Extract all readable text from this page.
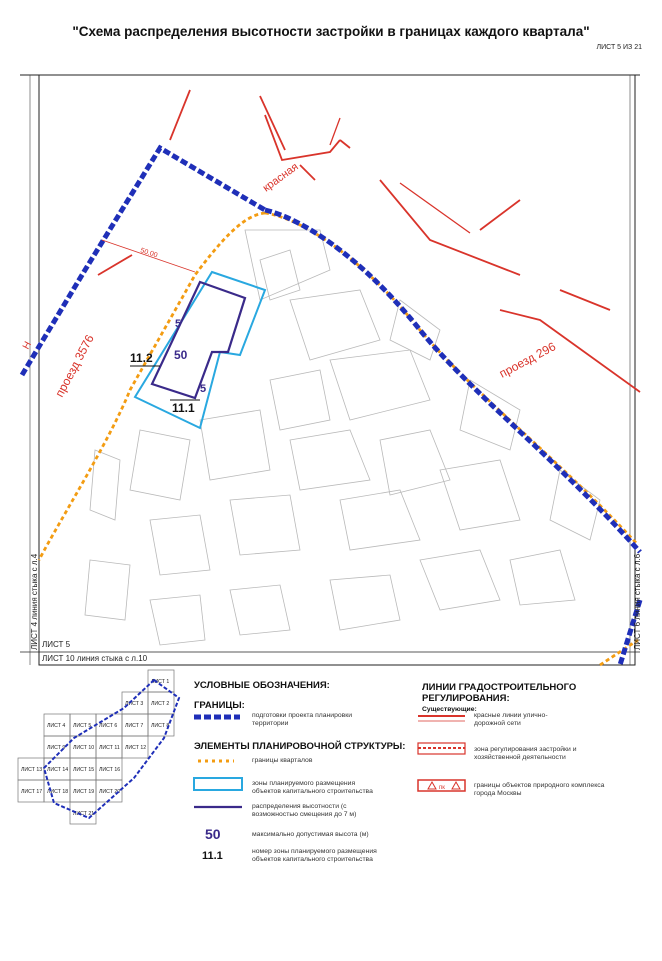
"Схема распределения высотности застройки в границах каждого квартала"
ЛИСТ 5 ИЗ 21
50.00
11.2 50
5
5
11.1
красная
проезд 3576	проезд 296
Н
ЛИСТ 5
ЛИСТ 10 линия стыка с л.10
ЛИСТ 4 линия стыка с л.4	ЛИСТ 6 линия стыка с л.6
ЛИСТ 1
ЛИСТ 2
ЛИСТ 3
ЛИСТ 4 ЛИСТ 5 ЛИСТ 6 ЛИСТ 7 ЛИСТ 8
ЛИСТ 9 ЛИСТ 10 ЛИСТ 11 ЛИСТ 12
ЛИСТ 13 ЛИСТ 14 ЛИСТ 15 ЛИСТ 16
ЛИСТ 17 ЛИСТ 18 ЛИСТ 19 ЛИСТ 20
ЛИСТ 21
пк
УСЛОВНЫЕ ОБОЗНАЧЕНИЯ:
ГРАНИЦЫ:
подготовки проекта планировки территории
ЭЛЕМЕНТЫ ПЛАНИРОВОЧНОЙ СТРУКТУРЫ:
границы кварталов
зоны планируемого размещения объектов капитального строительства
распределения высотности (с возможностью смещения до 7 м)
50	максимально допустимая высота (м)
11.1	номер зоны планируемого размещения объектов капитального строительства
ЛИНИИ ГРАДОСТРОИТЕЛЬНОГО РЕГУЛИРОВАНИЯ:
Существующие:
красные линии улично-дорожной сети
зона регулирования застройки и хозяйственной деятельности
границы объектов природного комплекса города Москвы
